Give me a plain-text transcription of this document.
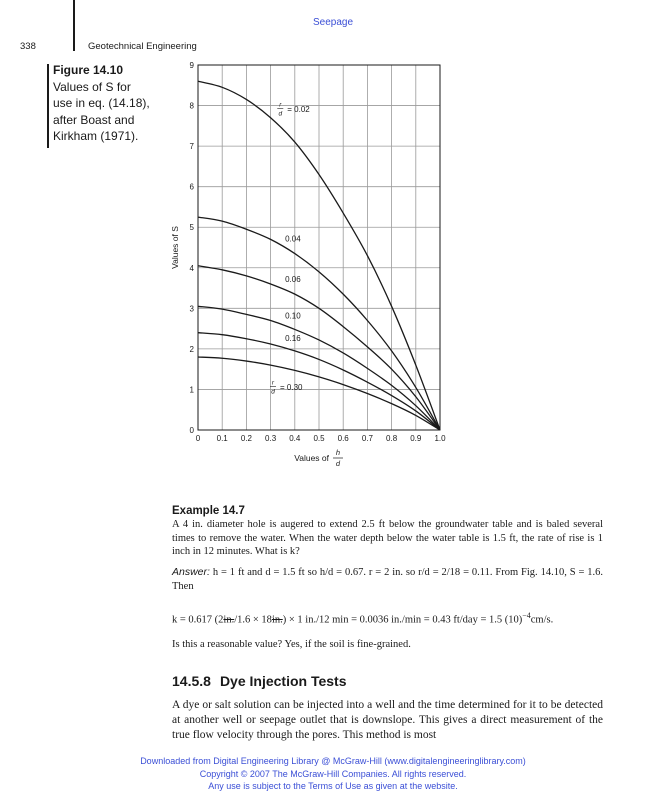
Seepage
338	Geotechnical Engineering
Figure 14.10
Values of S for
use in eq. (14.18),
after Boast and
Kirkham (1971).
0 0.1 0.2 0.3 0.4 0.5 0.6 0.7 0.8 0.9 1.0
0
1
2
3
4
5
6
7
8
9
Values of S
Values of
h
d
r
d = 0.02
0.04
0.06
0.10
0.16
r
d = 0.30
Example 14.7
A 4 in. diameter hole is augered to extend 2.5 ft below the groundwater table and is baled several times to remove the water. When the water depth below the water table is 1.5 ft, the rate of rise is 1 inch in 12 minutes. What is k?
Answer: h = 1 ft and d = 1.5 ft so h/d = 0.67. r = 2 in. so r/d = 2/18 = 0.11. From Fig. 14.10, S = 1.6. Then
k = 0.617 (2in./1.6 × 18in.) × 1 in./12 min = 0.0036 in./min = 0.43 ft/day = 1.5 $(10)^{-4}cm/s$.
Is this a reasonable value? Yes, if the soil is fine-grained.
14.5.8 Dye Injection Tests
A dye or salt solution can be injected into a well and the time determined for it to be detected at another well or seepage outlet that is downslope. This gives a direct measurement of the true flow velocity through the pores. This method is most
Downloaded from Digital Engineering Library @ McGraw-Hill (www.digitalengineeringlibrary.com)
Copyright © 2007 The McGraw-Hill Companies. All rights reserved.
Any use is subject to the Terms of Use as given at the website.
